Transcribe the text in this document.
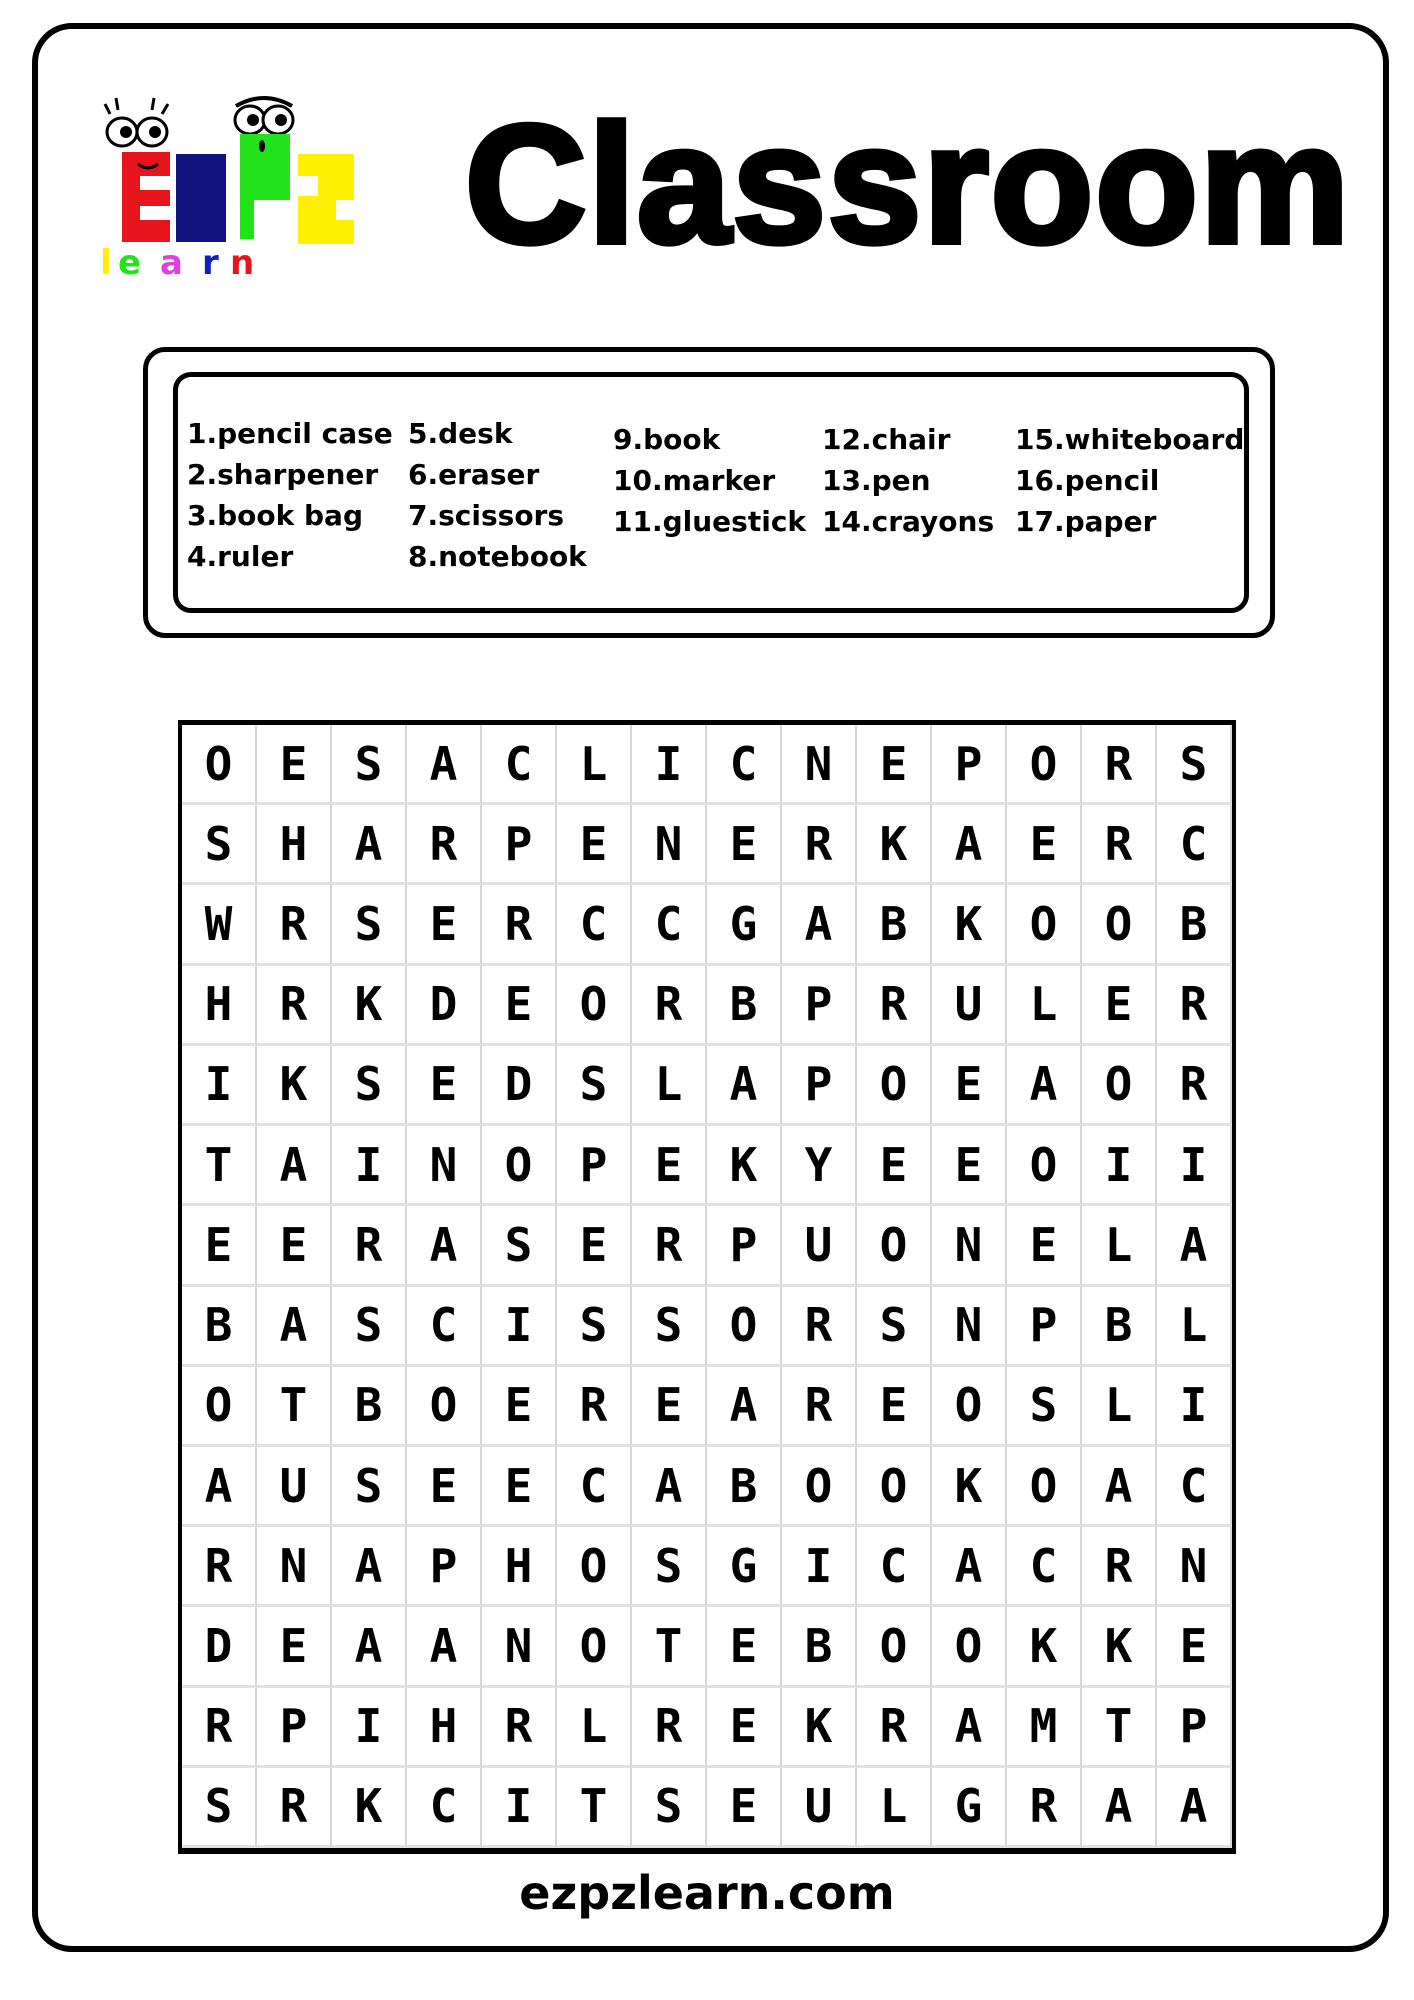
l e a r n Classroom
1.pencil case
2.sharpener
3.book bag
4.ruler
5.desk
6.eraser
7.scissors
8.notebook
9.book
10.marker
11.gluestick
12.chair
13.pen
14.crayons
15.whiteboard
16.pencil
17.paper
O	E	S	A	C	L	I	C	N	E	P	O	R	S
S	H	A	R	P	E	N	E	R	K	A	E	R	C
W	R	S	E	R	C	C	G	A	B	K	O	O	B
H	R	K	D	E	O	R	B	P	R	U	L	E	R
I	K	S	E	D	S	L	A	P	O	E	A	O	R
T	A	I	N	O	P	E	K	Y	E	E	O	I	I
E	E	R	A	S	E	R	P	U	O	N	E	L	A
B	A	S	C	I	S	S	O	R	S	N	P	B	L
O	T	B	O	E	R	E	A	R	E	O	S	L	I
A	U	S	E	E	C	A	B	O	O	K	O	A	C
R	N	A	P	H	O	S	G	I	C	A	C	R	N
D	E	A	A	N	O	T	E	B	O	O	K	K	E
R	P	I	H	R	L	R	E	K	R	A	M	T	P
S	R	K	C	I	T	S	E	U	L	G	R	A	A
ezpzlearn.com
